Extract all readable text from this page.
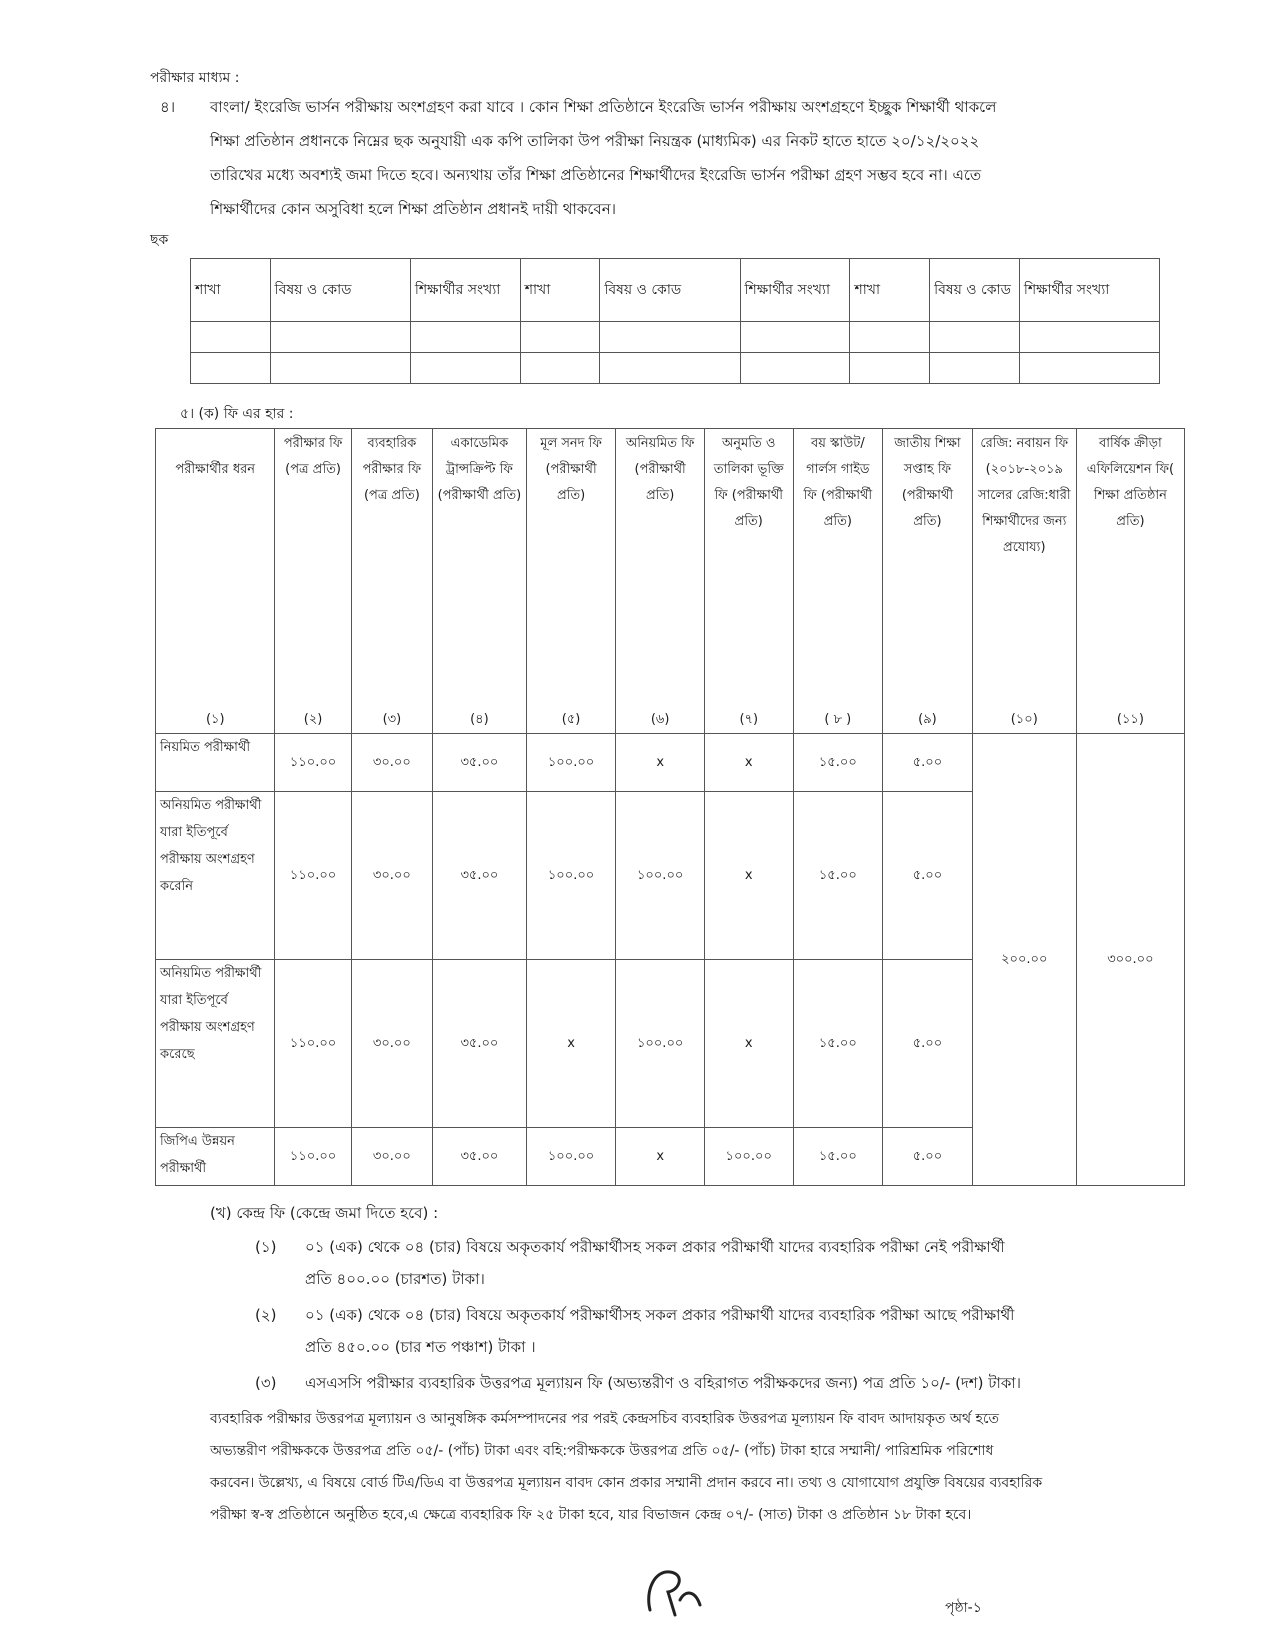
পরীক্ষার মাধ্যম :
৪। বাংলা/ ইংরেজি ভার্সন পরীক্ষায় অংশগ্রহণ করা যাবে । কোন শিক্ষা প্রতিষ্ঠানে ইংরেজি ভার্সন পরীক্ষায় অংশগ্রহণে ইচ্ছুক শিক্ষার্থী থাকলে
শিক্ষা প্রতিষ্ঠান প্রধানকে নিম্নের ছক অনুযায়ী এক কপি তালিকা উপ পরীক্ষা নিয়ন্ত্রক (মাধ্যমিক) এর নিকট হাতে হাতে ২০/১২/২০২২
তারিখের মধ্যে অবশ্যই জমা দিতে হবে। অন্যথায় তাঁর শিক্ষা প্রতিষ্ঠানের শিক্ষার্থীদের ইংরেজি ভার্সন পরীক্ষা গ্রহণ সম্ভব হবে না। এতে
শিক্ষার্থীদের কোন অসুবিধা হলে শিক্ষা প্রতিষ্ঠান প্রধানই দায়ী থাকবেন।
ছক
শাখা	বিষয় ও কোড	শিক্ষার্থীর সংখ্যা	শাখা	বিষয় ও কোড	শিক্ষার্থীর সংখ্যা	শাখা	বিষয় ও কোড	শিক্ষার্থীর সংখ্যা

৫। (ক) ফি এর হার :
পরীক্ষার্থীর ধরন	পরীক্ষার ফি (পত্র প্রতি)	ব্যবহারিক পরীক্ষার ফি (পত্র প্রতি)	একাডেমিক ট্রান্সক্রিপ্ট ফি (পরীক্ষার্থী প্রতি)	মূল সনদ ফি (পরীক্ষার্থী প্রতি)	অনিয়মিত ফি (পরীক্ষার্থী প্রতি)	অনুমতি ও তালিকা ভূক্তি ফি (পরীক্ষার্থী প্রতি)	বয় স্কাউট/ গার্লস গাইড ফি (পরীক্ষার্থী প্রতি)	জাতীয় শিক্ষা সপ্তাহ ফি (পরীক্ষার্থী প্রতি)	রেজি: নবায়ন ফি (২০১৮-২০১৯ সালের রেজি:ধারী শিক্ষার্থীদের জন্য প্রযোয্য)	বার্ষিক ক্রীড়া এফিলিয়েশন ফি( শিক্ষা প্রতিষ্ঠান প্রতি)
(১)	(২)	(৩)	(৪)	(৫)	(৬)	(৭)	( ৮ )	(৯)	(১০)	(১১)
নিয়মিত পরীক্ষার্থী	১১০.০০	৩০.০০	৩৫.০০	১০০.০০	x	x	১৫.০০	৫.০০	২০০.০০	৩০০.০০
অনিয়মিত পরীক্ষার্থী যারা ইতিপূর্বে পরীক্ষায় অংশগ্রহণ করেনি	১১০.০০	৩০.০০	৩৫.০০	১০০.০০	১০০.০০	x	১৫.০০	৫.০০		
অনিয়মিত পরীক্ষার্থী যারা ইতিপূর্বে পরীক্ষায় অংশগ্রহণ করেছে	১১০.০০	৩০.০০	৩৫.০০	x	১০০.০০	x	১৫.০০	৫.০০		
জিপিএ উন্নয়ন পরীক্ষার্থী	১১০.০০	৩০.০০	৩৫.০০	১০০.০০	x	১০০.০০	১৫.০০	৫.০০		
(খ) কেন্দ্র ফি (কেন্দ্রে জমা দিতে হবে) :
(১) ০১ (এক) থেকে ০৪ (চার) বিষয়ে অকৃতকার্য পরীক্ষার্থীসহ সকল প্রকার পরীক্ষার্থী যাদের ব্যবহারিক পরীক্ষা নেই পরীক্ষার্থী
প্রতি ৪০০.০০ (চারশত) টাকা।
(২) ০১ (এক) থেকে ০৪ (চার) বিষয়ে অকৃতকার্য পরীক্ষার্থীসহ সকল প্রকার পরীক্ষার্থী যাদের ব্যবহারিক পরীক্ষা আছে পরীক্ষার্থী
প্রতি ৪৫০.০০ (চার শত পঞ্চাশ) টাকা ।
(৩) এসএসসি পরীক্ষার ব্যবহারিক উত্তরপত্র মূল্যায়ন ফি (অভ্যন্তরীণ ও বহিরাগত পরীক্ষকদের জন্য) পত্র প্রতি ১০/- (দশ) টাকা।
ব্যবহারিক পরীক্ষার উত্তরপত্র মূল্যায়ন ও আনুষঙ্গিক কর্মসম্পাদনের পর পরই কেন্দ্রসচিব ব্যবহারিক উত্তরপত্র মূল্যায়ন ফি বাবদ আদায়কৃত অর্থ হতে
অভ্যন্তরীণ পরীক্ষককে উত্তরপত্র প্রতি ০৫/- (পাঁচ) টাকা এবং বহি:পরীক্ষককে উত্তরপত্র প্রতি ০৫/- (পাঁচ) টাকা হারে সম্মানী/ পারিশ্রমিক পরিশোধ
করবেন। উল্লেখ্য, এ বিষয়ে বোর্ড টিএ/ডিএ বা উত্তরপত্র মূল্যায়ন বাবদ কোন প্রকার সম্মানী প্রদান করবে না। তথ্য ও যোগাযোগ প্রযুক্তি বিষয়ের ব্যবহারিক
পরীক্ষা স্ব-স্ব প্রতিষ্ঠানে অনুষ্ঠিত হবে,এ ক্ষেত্রে ব্যবহারিক ফি ২৫ টাকা হবে, যার বিভাজন কেন্দ্র ০৭/- (সাত) টাকা ও প্রতিষ্ঠান ১৮ টাকা হবে।
পৃষ্ঠা-১
